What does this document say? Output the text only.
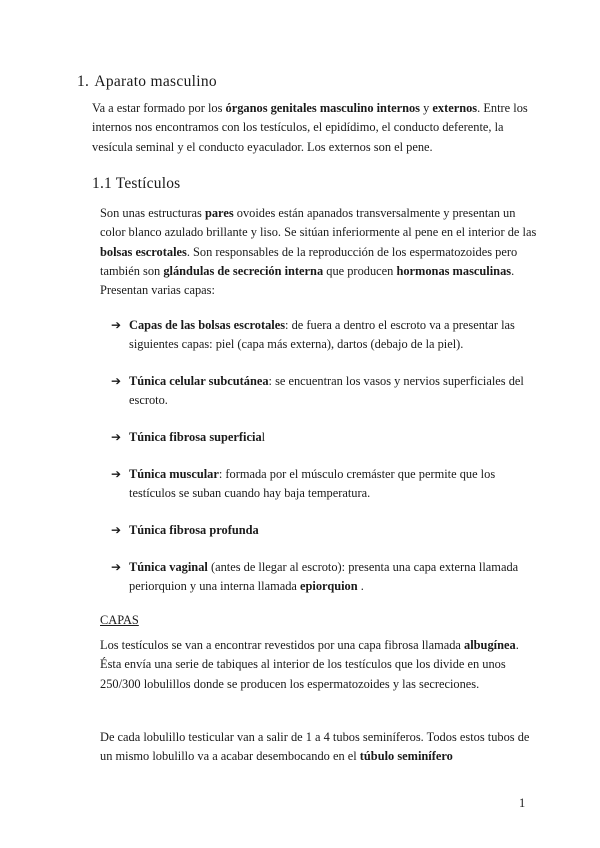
1. Aparato masculino
Va a estar formado por los órganos genitales masculino internos y externos. Entre los internos nos encontramos con los testículos, el epidídimo, el conducto deferente, la vesícula seminal y el conducto eyaculador. Los externos son el pene.
1.1 Testículos
Son unas estructuras pares ovoides están apanados transversalmente y presentan un color blanco azulado brillante y liso. Se sitúan inferiormente al pene en el interior de las bolsas escrotales. Son responsables de la reproducción de los espermatozoides pero también son glándulas de secreción interna que producen hormonas masculinas. Presentan varias capas:
➔ Capas de las bolsas escrotales: de fuera a dentro el escroto va a presentar las siguientes capas: piel (capa más externa), dartos (debajo de la piel).
➔ Túnica celular subcutánea: se encuentran los vasos y nervios superficiales del escroto.
➔ Túnica fibrosa superficial
➔ Túnica muscular: formada por el músculo cremáster que permite que los testículos se suban cuando hay baja temperatura.
➔ Túnica fibrosa profunda
➔ Túnica vaginal (antes de llegar al escroto): presenta una capa externa llamada periorquion y una interna llamada epiorquion .
CAPAS
Los testículos se van a encontrar revestidos por una capa fibrosa llamada albugínea. Ésta envía una serie de tabiques al interior de los testículos que los divide en unos 250/300 lobulillos donde se producen los espermatozoides y las secreciones.
De cada lobulillo testicular van a salir de 1 a 4 tubos seminíferos. Todos estos tubos de un mismo lobulillo va a acabar desembocando en el túbulo seminífero
1
